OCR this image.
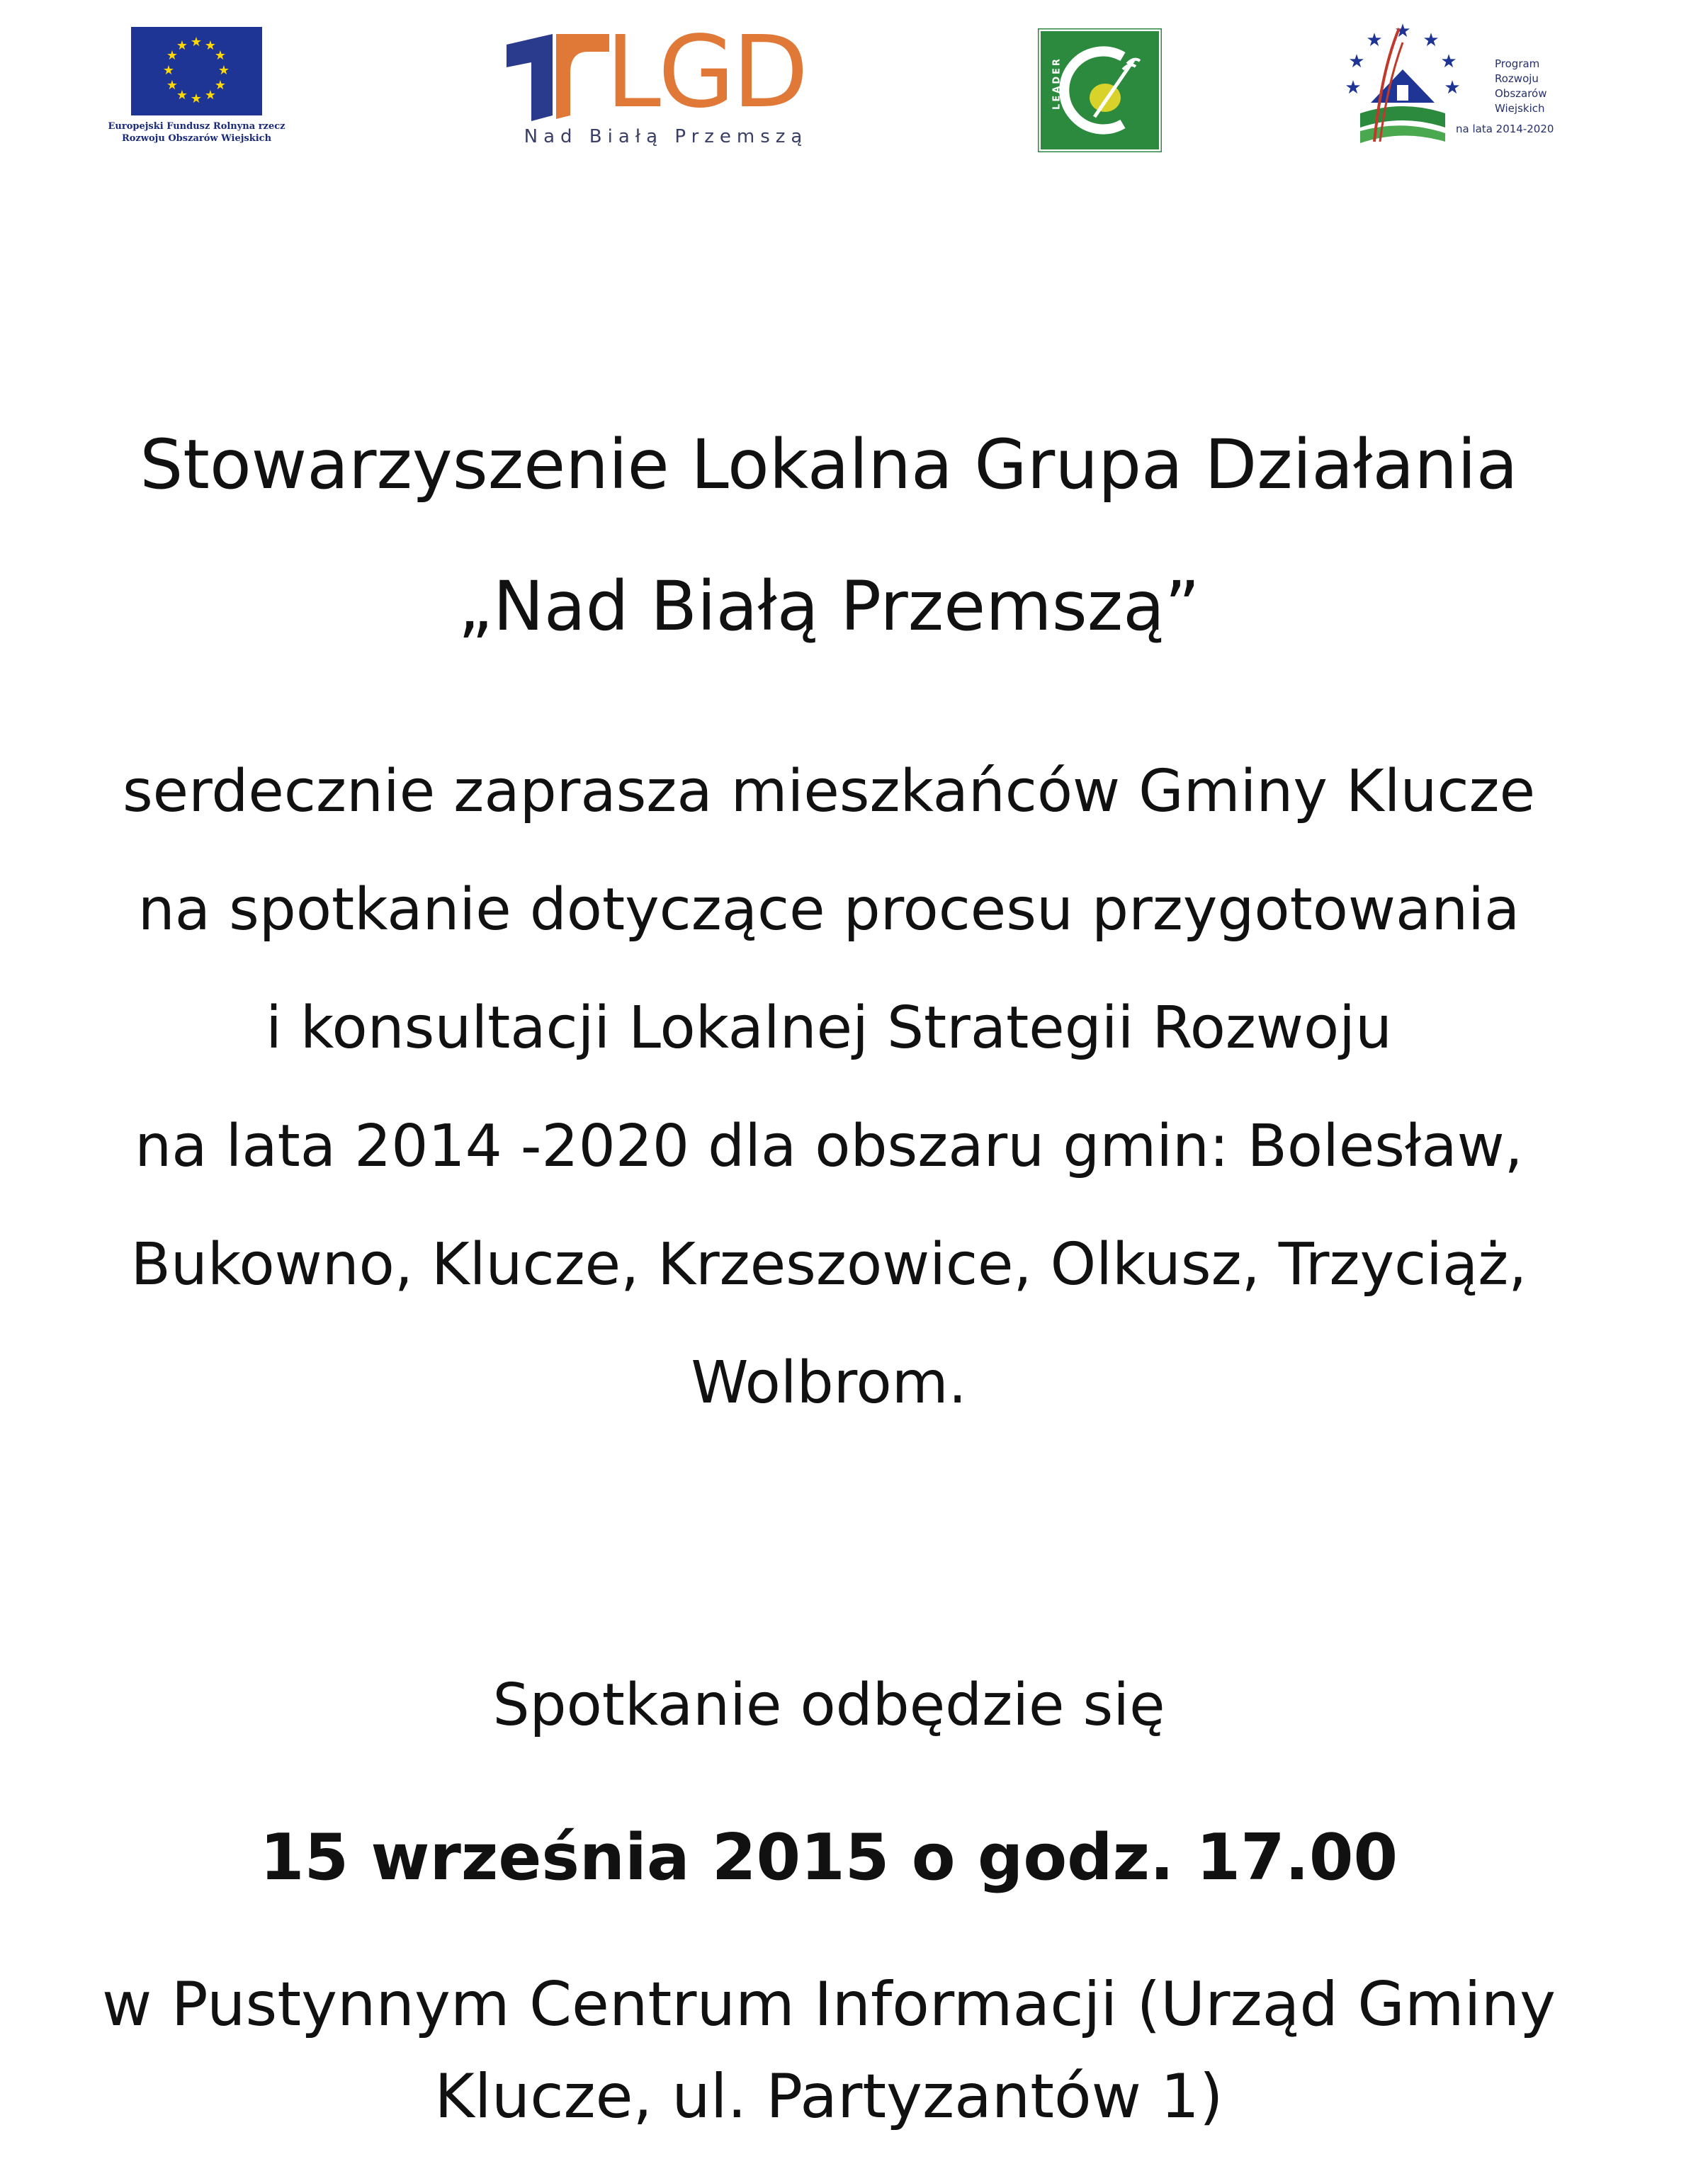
★ ★
★
★
★
★
★
★
★
★
★
★
Europejski Fundusz Rolnyna rzecz
Rozwoju Obszarów Wiejskich
LGD
Nad Białą Przemszą
LEADER
★ ★
★
★
★
★
★
Program
Rozwoju
Obszarów
Wiejskich
na lata 2014-2020
Stowarzyszenie Lokalna Grupa Działania
„Nad Białą Przemszą”
serdecznie zaprasza mieszkańców Gminy Klucze
na spotkanie dotyczące procesu przygotowania
i konsultacji Lokalnej Strategii Rozwoju
na lata 2014 -2020 dla obszaru gmin: Bolesław,
Bukowno, Klucze, Krzeszowice, Olkusz, Trzyciąż,
Wolbrom.
Spotkanie odbędzie się
15 września 2015 o godz. 17.00
w Pustynnym Centrum Informacji (Urząd Gminy
Klucze, ul. Partyzantów 1)
